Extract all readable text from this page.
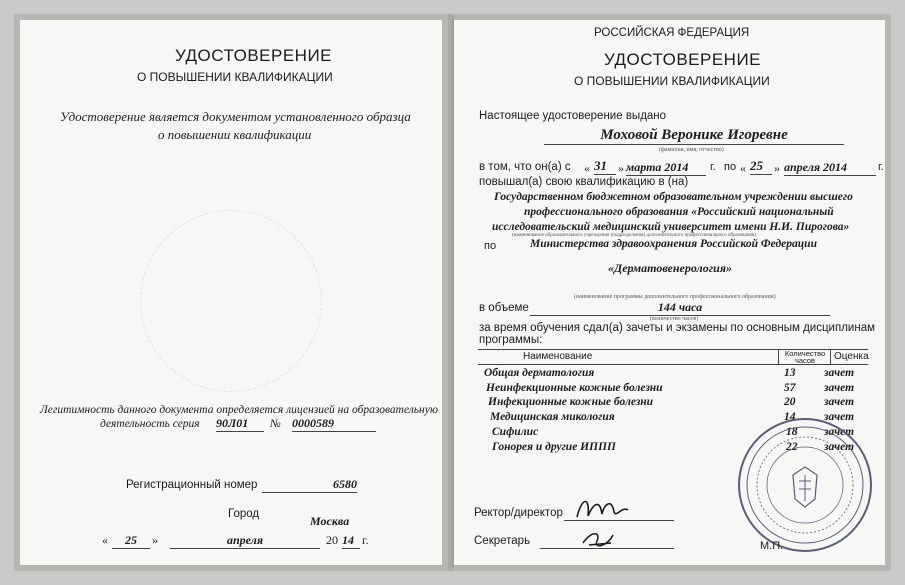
УДОСТОВЕРЕНИЕ
О ПОВЫШЕНИИ КВАЛИФИКАЦИИ
Удостоверение является документом установленного образца
о повышении квалификации
Легитимность данного документа определяется лицензией на образовательную
деятельность серия 90Л01	№ 0000589
Регистрационный номер	6580
Город	Москва
«	25	»	апреля	20 14 г.
РОССИЙСКАЯ ФЕДЕРАЦИЯ
УДОСТОВЕРЕНИЕ
О ПОВЫШЕНИИ КВАЛИФИКАЦИИ
Настоящее удостоверение выдано
Моховой Веронике Игоревне
(фамилия, имя, отчество)
в том, что он(а) с « 31 » марта 2014	г. по « 25 » апреля 2014	г.
повышал(а) свою квалификацию в (на)
Государственном бюджетном образовательном учреждении высшего
профессионального образования «Российский национальный
исследовательский медицинский университет имени Н.И. Пирогова»
(наименование образовательного учреждения (подразделения) дополнительного профессионального образования)
по	Министерства здравоохранения Российской Федерации
«Дерматовенерология»
(наименование программы дополнительного профессионального образования)
в объеме	144 часа
(количество часов)
за время обучения сдал(а) зачеты и экзамены по основным дисциплинам
программы:
Наименование	Количество часов	Оценка
Общая дерматология	13 зачет
Неинфекционные кожные болезни	57 зачет
Инфекционные кожные болезни	20 зачет
Медицинская микология	14 зачет
Сифилис	18 зачет
Гонорея и другие ИППП	22 зачет
Ректор/директор
Секретарь	М.П.
